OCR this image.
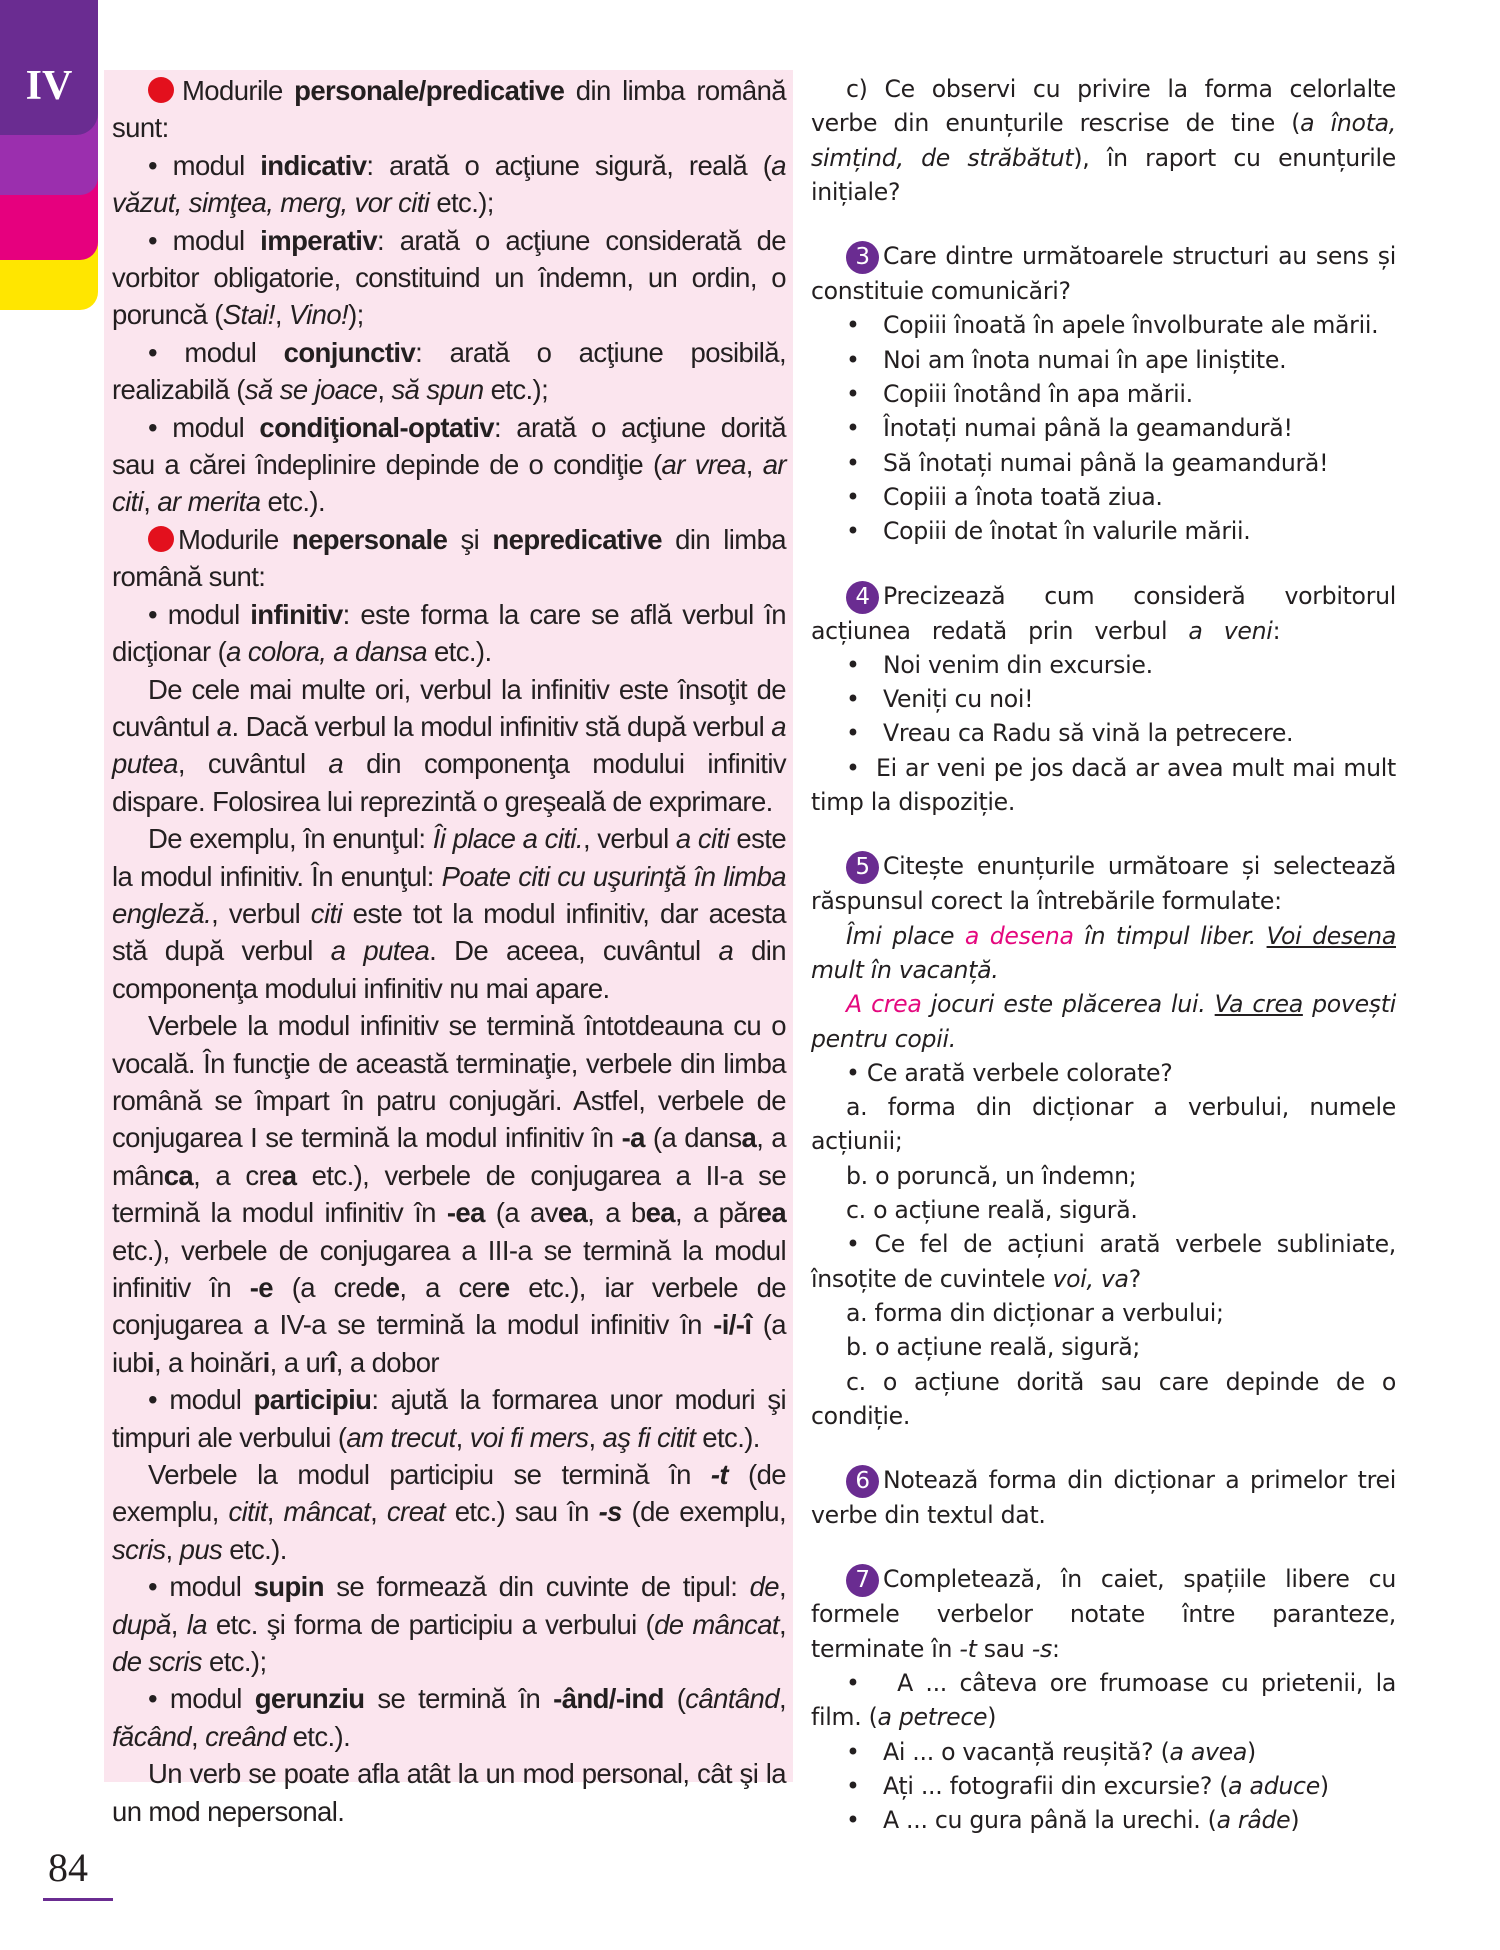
IV	Modurile personale/predicative din limba română sunt:

• modul indicativ: arată o acţiune sigură, reală (a văzut, simţea, merg, vor citi etc.);

• modul imperativ: arată o acţiune considerată de vorbitor obligatorie, constituind un îndemn, un ordin, o poruncă (Stai!, Vino!);

• modul conjunctiv: arată o acţiune posibilă, realizabilă (să se joace, să spun etc.);

• modul condiţional-optativ: arată o acţiune dorită sau a cărei îndeplinire depinde de o condiţie (ar vrea, ar citi, ar merita etc.).

Modurile nepersonale şi nepredicative din limba română sunt:

• modul infinitiv: este forma la care se află verbul în dicţionar (a colora, a dansa etc.).

De cele mai multe ori, verbul la infinitiv este însoţit de cuvântul a. Dacă verbul la modul infinitiv stă după verbul a putea, cuvântul a din componenţa modului infinitiv dispare. Folosirea lui reprezintă o greşeală de exprimare.

De exemplu, în enunţul: Îi place a citi., verbul a citi este la modul infinitiv. În enunţul: Poate citi cu uşurinţă în limba engleză., verbul citi este tot la modul infinitiv, dar acesta stă după verbul a putea. De aceea, cuvântul a din componenţa modului infinitiv nu mai apare.

Verbele la modul infinitiv se termină întotdeauna cu o vocală. În funcţie de această terminaţie, verbele din limba română se împart în patru conjugări. Astfel, verbele de conjugarea I se termină la modul infinitiv în -a (a dansa, a mânca, a crea etc.), verbele de conjugarea a II-a se termină la modul infinitiv în -ea (a avea, a bea, a părea etc.), verbele de conjugarea a III-a se termină la modul infinitiv în -e (a crede, a cere etc.), iar verbele de conjugarea a IV-a se termină la modul infinitiv în -i/-î (a iubi, a hoinări, a urî, a dobor

• modul participiu: ajută la formarea unor moduri şi timpuri ale verbului (am trecut, voi fi mers, aş fi citit etc.).

Verbele la modul participiu se termină în -t (de exemplu, citit, mâncat, creat etc.) sau în -s (de exemplu, scris, pus etc.).

• modul supin se formează din cuvinte de tipul: de, după, la etc. şi forma de participiu a verbului (de mâncat, de scris etc.);

• modul gerunziu se termină în -ând/-ind (cântând, făcând, creând etc.).

Un verb se poate afla atât la un mod personal, cât şi la un mod nepersonal.

c) Ce observi cu privire la forma celorlalte verbe din enunțurile rescrise de tine (a înota, simțind, de străbătut), în raport cu enunțurile inițiale?

3 Care dintre următoarele structuri au sens și constituie comunicări?

• Copiii înoată în apele învolburate ale mării.

• Noi am înota numai în ape liniștite.

• Copiii înotând în apa mării.

• Înotați numai până la geamandură!

• Să înotați numai până la geamandură!

• Copiii a înota toată ziua.

• Copiii de înotat în valurile mării.

4 Precizează cum consideră vorbitorul acțiunea redată prin verbul a veni:

• Noi venim din excursie.

• Veniți cu noi!

• Vreau ca Radu să vină la petrecere.

•  Ei ar veni pe jos dacă ar avea mult mai mult timp la dispoziție.

5 Citește enunțurile următoare și selectează răspunsul corect la întrebările formulate:

Îmi place a desena în timpul liber. Voi desena mult în vacanță.

A crea jocuri este plăcerea lui. Va crea povești pentru copii.

• Ce arată verbele colorate?

a. forma din dicționar a verbului, numele acțiunii;

b. o poruncă, un îndemn;

c. o acțiune reală, sigură.

• Ce fel de acțiuni arată verbele subliniate, însoțite de cuvintele voi, va?

a. forma din dicționar a verbului;

b. o acțiune reală, sigură;

c. o acțiune dorită sau care depinde de o condiție.

6 Notează forma din dicționar a primelor trei verbe din textul dat.

7 Completează, în caiet, spațiile libere cu formele verbelor notate între paranteze, terminate în -t sau -s:

•   A ... câteva ore frumoase cu prietenii, la film. (a petrece)

• Ai ... o vacanță reușită? (a avea)

• Ați ... fotografii din excursie? (a aduce)

• A ... cu gura până la urechi. (a râde)

84
